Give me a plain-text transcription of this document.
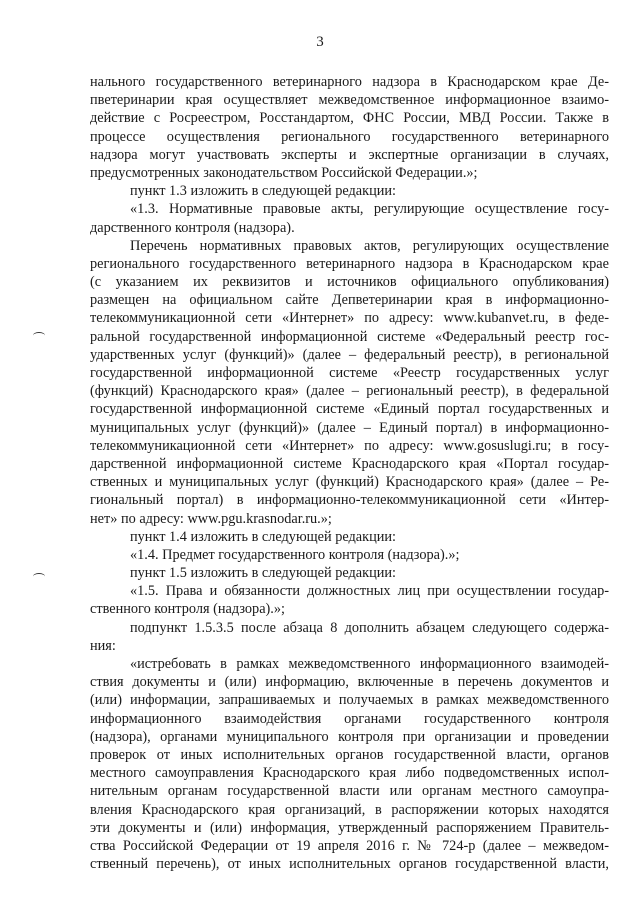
3
нального государственного ветеринарного надзора в Краснодарском крае Де-
пветеринарии края осуществляет межведомственное информационное взаимо-
действие с Росреестром, Росстандартом, ФНС России, МВД России. Также в
процессе осуществления регионального государственного ветеринарного
надзора могут участвовать эксперты и экспертные организации в случаях,
предусмотренных законодательством Российской Федерации.»;
пункт 1.3 изложить в следующей редакции:
«1.3. Нормативные правовые акты, регулирующие осуществление госу-
дарственного контроля (надзора).
Перечень нормативных правовых актов, регулирующих осуществление
регионального государственного ветеринарного надзора в Краснодарском крае
(с указанием их реквизитов и источников официального опубликования)
размещен на официальном сайте Депветеринарии края в информационно-
телекоммуникационной сети «Интернет» по адресу: www.kubanvet.ru, в феде-
ральной государственной информационной системе «Федеральный реестр гос-
ударственных услуг (функций)» (далее – федеральный реестр), в региональной
государственной информационной системе «Реестр государственных услуг
(функций) Краснодарского края» (далее – региональный реестр), в федеральной
государственной информационной системе «Единый портал государственных и
муниципальных услуг (функций)» (далее – Единый портал) в информационно-
телекоммуникационной сети «Интернет» по адресу: www.gosuslugi.ru; в госу-
дарственной информационной системе Краснодарского края «Портал государ-
ственных и муниципальных услуг (функций) Краснодарского края» (далее – Ре-
гиональный портал) в информационно-телекоммуникационной сети «Интер-
нет» по адресу: www.pgu.krasnodar.ru.»;
пункт 1.4 изложить в следующей редакции:
«1.4. Предмет государственного контроля (надзора).»;
пункт 1.5 изложить в следующей редакции:
«1.5. Права и обязанности должностных лиц при осуществлении государ-
ственного контроля (надзора).»;
подпункт 1.5.3.5 после абзаца 8 дополнить абзацем следующего содержа-
ния:
«истребовать в рамках межведомственного информационного взаимодей-
ствия документы и (или) информацию, включенные в перечень документов и
(или) информации, запрашиваемых и получаемых в рамках межведомственного
информационного взаимодействия органами государственного контроля
(надзора), органами муниципального контроля при организации и проведении
проверок от иных исполнительных органов государственной власти, органов
местного самоуправления Краснодарского края либо подведомственных испол-
нительным органам государственной власти или органам местного самоупра-
вления Краснодарского края организаций, в распоряжении которых находятся
эти документы и (или) информация, утвержденный распоряжением Правитель-
ства Российской Федерации от 19 апреля 2016 г. № 724-р (далее – межведом-
ственный перечень), от иных исполнительных органов государственной власти,
